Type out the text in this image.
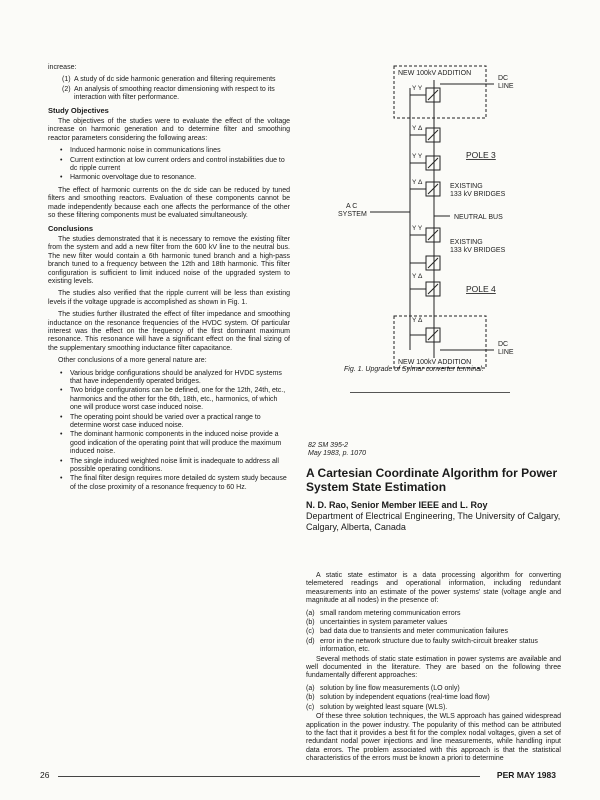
increase:

(1) A study of dc side harmonic generation and filtering requirements
(2) An analysis of smoothing reactor dimensioning with respect to its interaction with filter performance.
Study Objectives

The objectives of the studies were to evaluate the effect of the voltage increase on harmonic generation and to determine filter and smoothing reactor parameters considering the following areas:

•	Induced harmonic noise in communications lines
•	Current extinction at low current orders and control instabilities due to dc ripple current
•	Harmonic overvoltage due to resonance.

The effect of harmonic currents on the dc side can be reduced by tuned filters and smoothing reactors. Evaluation of these components cannot be made independently because each one affects the performance of the other so these filtering components must be evaluated simultaneously.

Conclusions

The studies demonstrated that it is necessary to remove the existing filter from the system and add a new filter from the 600 kV line to the neutral bus. The new filter would contain a 6th harmonic tuned branch and a high-pass branch tuned to a frequency between the 12th and 18th harmonic. This filter configuration is sufficient to limit induced noise of the upgraded system to existing levels.

The studies also verified that the ripple current will be less than existing levels if the voltage upgrade is accomplished as shown in Fig. 1.

The studies further illustrated the effect of filter impedance and smoothing inductance on the resonance frequencies of the HVDC system. Of particular interest was the effect on the frequency of the first dominant maximum resonance. This resonance will have a significant effect on the final sizing of the supplementary smoothing inductance filter capacitance.

Other conclusions of a more general nature are:

•	Various bridge configurations should be analyzed for HVDC systems that have independently operated bridges.
•	Two bridge configurations can be defined, one for the 12th, 24th, etc., harmonics and the other for the 6th, 18th, etc., harmonics, of which one will produce worst case induced noise.
•	The operating point should be varied over a practical range to determine worst case induced noise.
•	The dominant harmonic components in the induced noise provide a good indication of the operating point that will produce the maximum induced noise.
•	The single induced weighted noise limit is inadequate to address all possible operating conditions.
•	The final filter design requires more detailed dc system study because of the close proximity of a resonance frequency to 60 Hz.
NEW 100kV ADDITION
DC LINE
Y Y
Y Δ
Y Y
Y Δ
Y Y
Y Δ
Y Δ
POLE 3
EXISTING 133 kV BRIDGES
A C SYSTEM	NEUTRAL BUS
EXISTING 133 kV BRIDGES
POLE 4
NEW 100kV ADDITION
DC LINE
Fig. 1. Upgrade of Sylmar converter terminal.
82 SM 395-2
May 1983, p. 1070
A Cartesian Coordinate Algorithm for Power System State Estimation
N. D. Rao, Senior Member IEEE and L. Roy
Department of Electrical Engineering, The University of Calgary, Calgary, Alberta, Canada

A static state estimator is a data processing algorithm for converting telemetered readings and operational information, including redundant measurements into an estimate of the power systems' state (voltage angle and magnitude at all nodes) in the presence of:

(a) small random metering communication errors
(b) uncertainties in system parameter values
(c) bad data due to transients and meter communication failures
(d) error in the network structure due to faulty switch-circuit breaker status information, etc.

Several methods of static state estimation in power systems are available and well documented in the literature. They are based on the following three fundamentally different approaches:

(a) solution by line flow measurements (LO only)
(b) solution by independent equations (real-time load flow)
(c) solution by weighted least square (WLS).

Of these three solution techniques, the WLS approach has gained widespread application in the power industry. The popularity of this method can be attributed to the fact that it provides a best fit for the complex nodal voltages, given a set of redundant nodal power injections and line measurements, while handling input data errors. The problem associated with this approach is that the statistical characteristics of the errors must be known a priori to determine

26	PER MAY 1983
